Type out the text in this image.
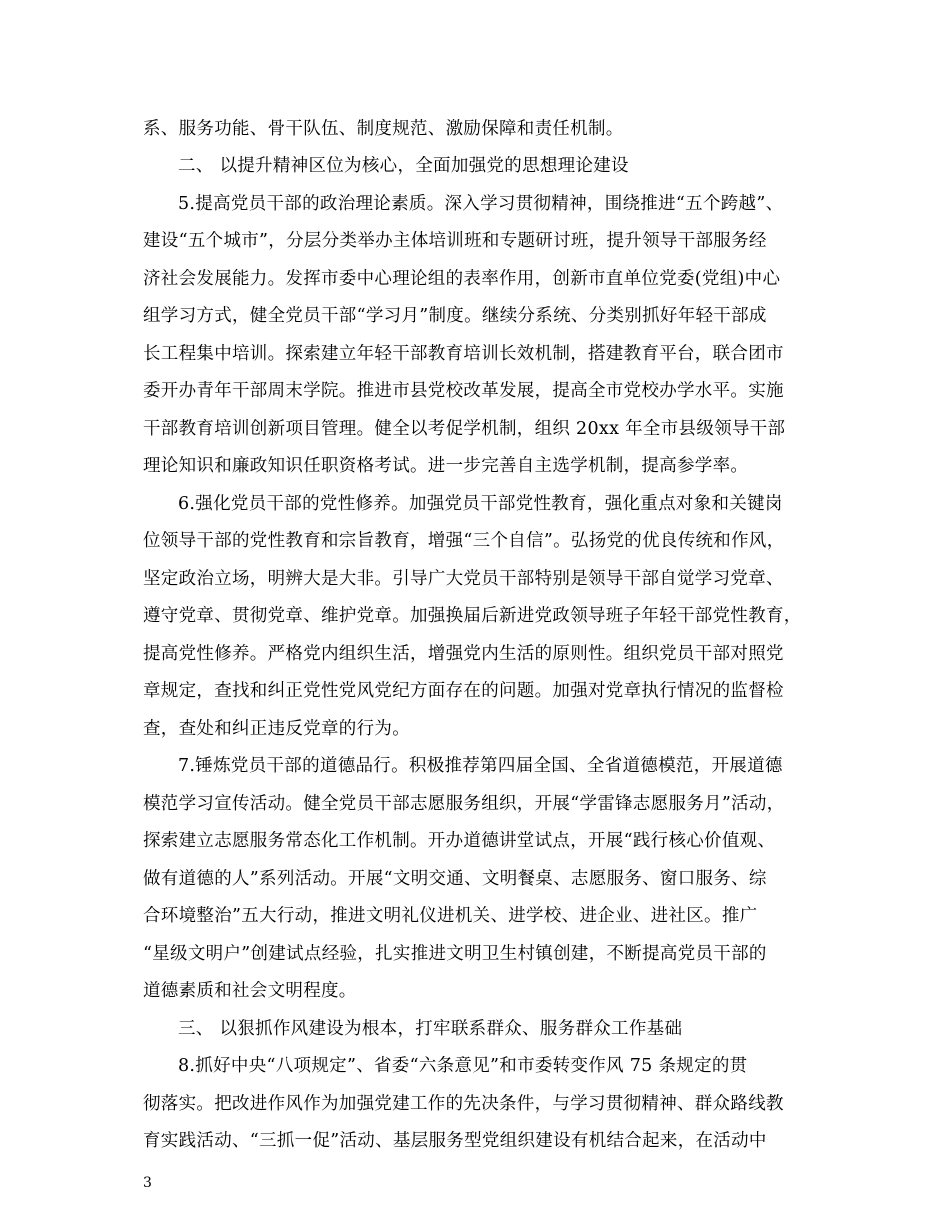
系、服务功能、骨干队伍、制度规范、激励保障和责任机制。
二、 以提升精神区位为核心，全面加强党的思想理论建设
5.提高党员干部的政治理论素质。深入学习贯彻精神，围绕推进“五个跨越”、
建设“五个城市”，分层分类举办主体培训班和专题研讨班，提升领导干部服务经
济社会发展能力。发挥市委中心理论组的表率作用，创新市直单位党委(党组)中心
组学习方式，健全党员干部“学习月”制度。继续分系统、分类别抓好年轻干部成
长工程集中培训。探索建立年轻干部教育培训长效机制，搭建教育平台，联合团市
委开办青年干部周末学院。推进市县党校改革发展，提高全市党校办学水平。实施
干部教育培训创新项目管理。健全以考促学机制，组织 20xx 年全市县级领导干部
理论知识和廉政知识任职资格考试。进一步完善自主选学机制，提高参学率。
6.强化党员干部的党性修养。加强党员干部党性教育，强化重点对象和关键岗
位领导干部的党性教育和宗旨教育，增强“三个自信”。弘扬党的优良传统和作风，
坚定政治立场，明辨大是大非。引导广大党员干部特别是领导干部自觉学习党章、
遵守党章、贯彻党章、维护党章。加强换届后新进党政领导班子年轻干部党性教育，
提高党性修养。严格党内组织生活，增强党内生活的原则性。组织党员干部对照党
章规定，查找和纠正党性党风党纪方面存在的问题。加强对党章执行情况的监督检
查，查处和纠正违反党章的行为。
7.锤炼党员干部的道德品行。积极推荐第四届全国、全省道德模范，开展道德
模范学习宣传活动。健全党员干部志愿服务组织，开展“学雷锋志愿服务月”活动，
探索建立志愿服务常态化工作机制。开办道德讲堂试点，开展“践行核心价值观、
做有道德的人”系列活动。开展“文明交通、文明餐桌、志愿服务、窗口服务、综
合环境整治”五大行动，推进文明礼仪进机关、进学校、进企业、进社区。推广
“星级文明户”创建试点经验，扎实推进文明卫生村镇创建，不断提高党员干部的
道德素质和社会文明程度。
三、 以狠抓作风建设为根本，打牢联系群众、服务群众工作基础
8.抓好中央“八项规定”、省委“六条意见”和市委转变作风 75 条规定的贯
彻落实。把改进作风作为加强党建工作的先决条件，与学习贯彻精神、群众路线教
育实践活动、“三抓一促”活动、基层服务型党组织建设有机结合起来，在活动中
3
